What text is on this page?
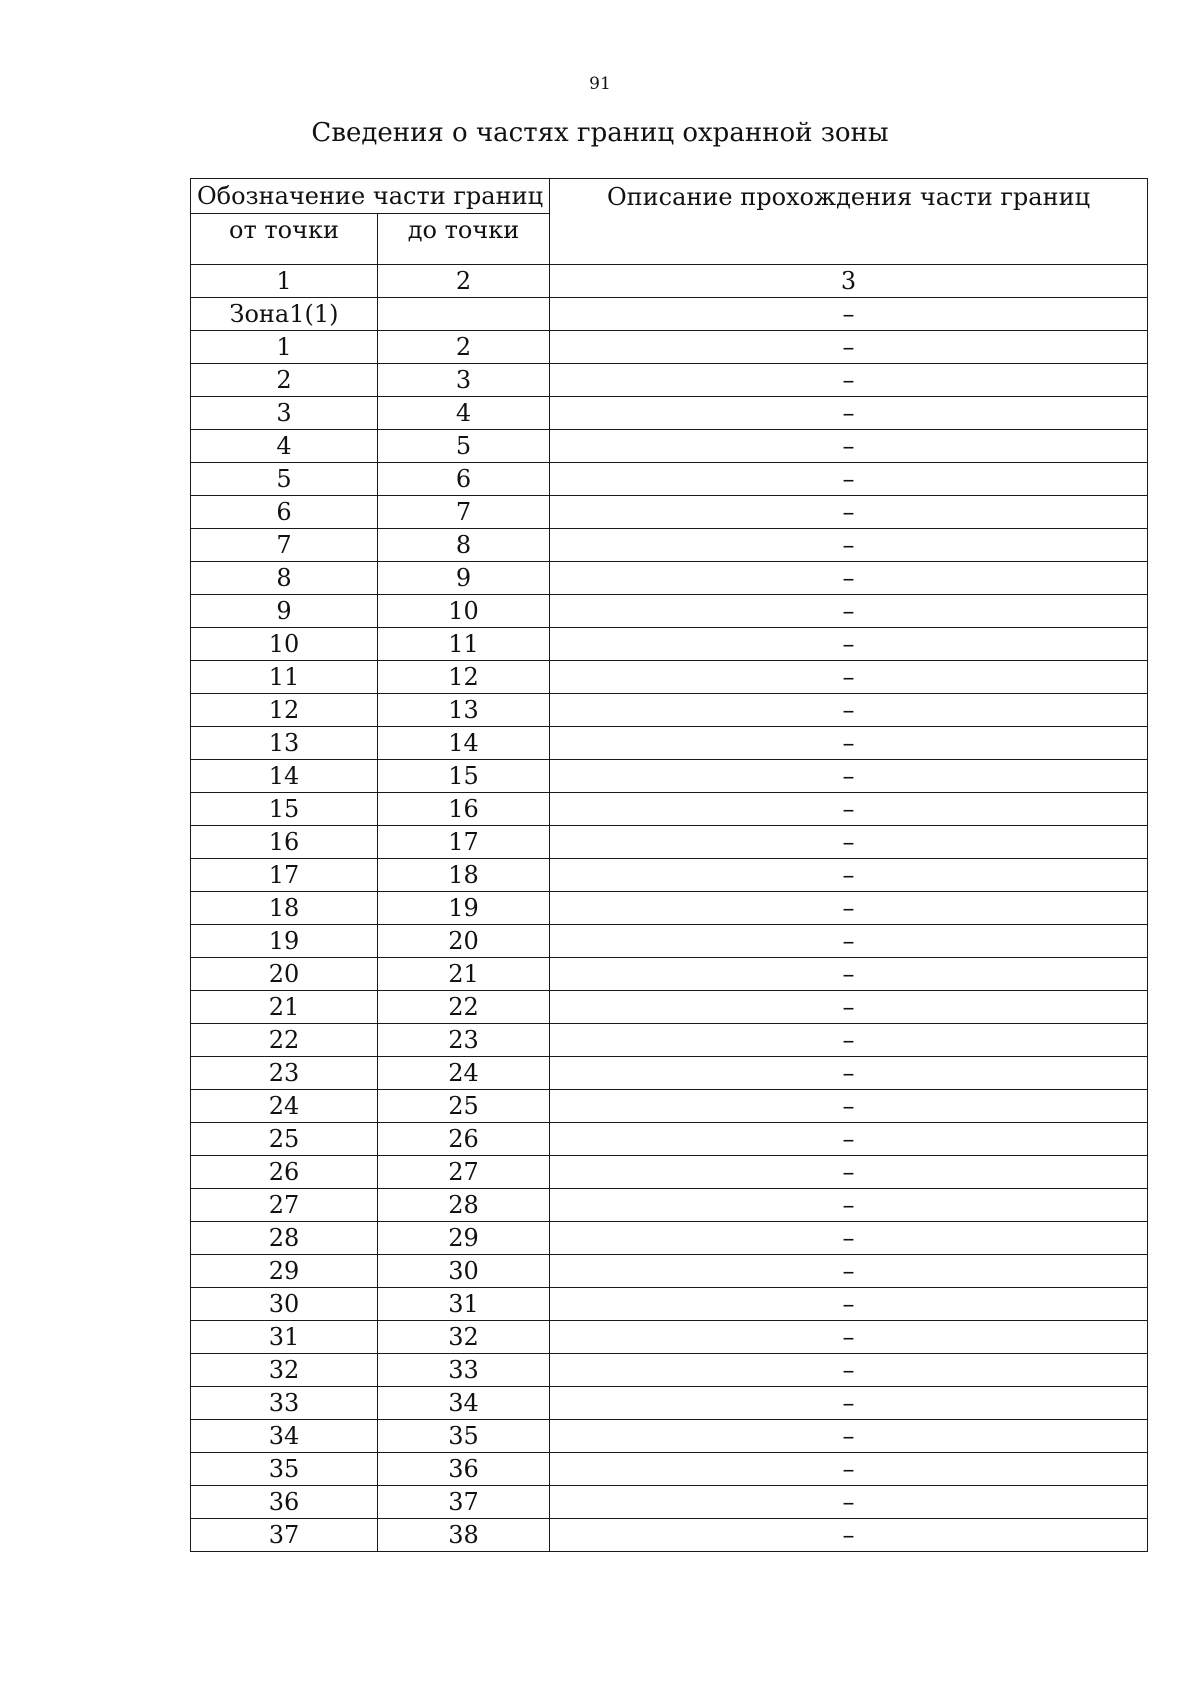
91
Сведения о частях границ охранной зоны
Обозначение части границ		Описание прохождения части границ
от точки	до точки	
1	2	3
Зона1(1)		–
1	2	–
2	3	–
3	4	–
4	5	–
5	6	–
6	7	–
7	8	–
8	9	–
9	10	–
10	11	–
11	12	–
12	13	–
13	14	–
14	15	–
15	16	–
16	17	–
17	18	–
18	19	–
19	20	–
20	21	–
21	22	–
22	23	–
23	24	–
24	25	–
25	26	–
26	27	–
27	28	–
28	29	–
29	30	–
30	31	–
31	32	–
32	33	–
33	34	–
34	35	–
35	36	–
36	37	–
37	38	–
